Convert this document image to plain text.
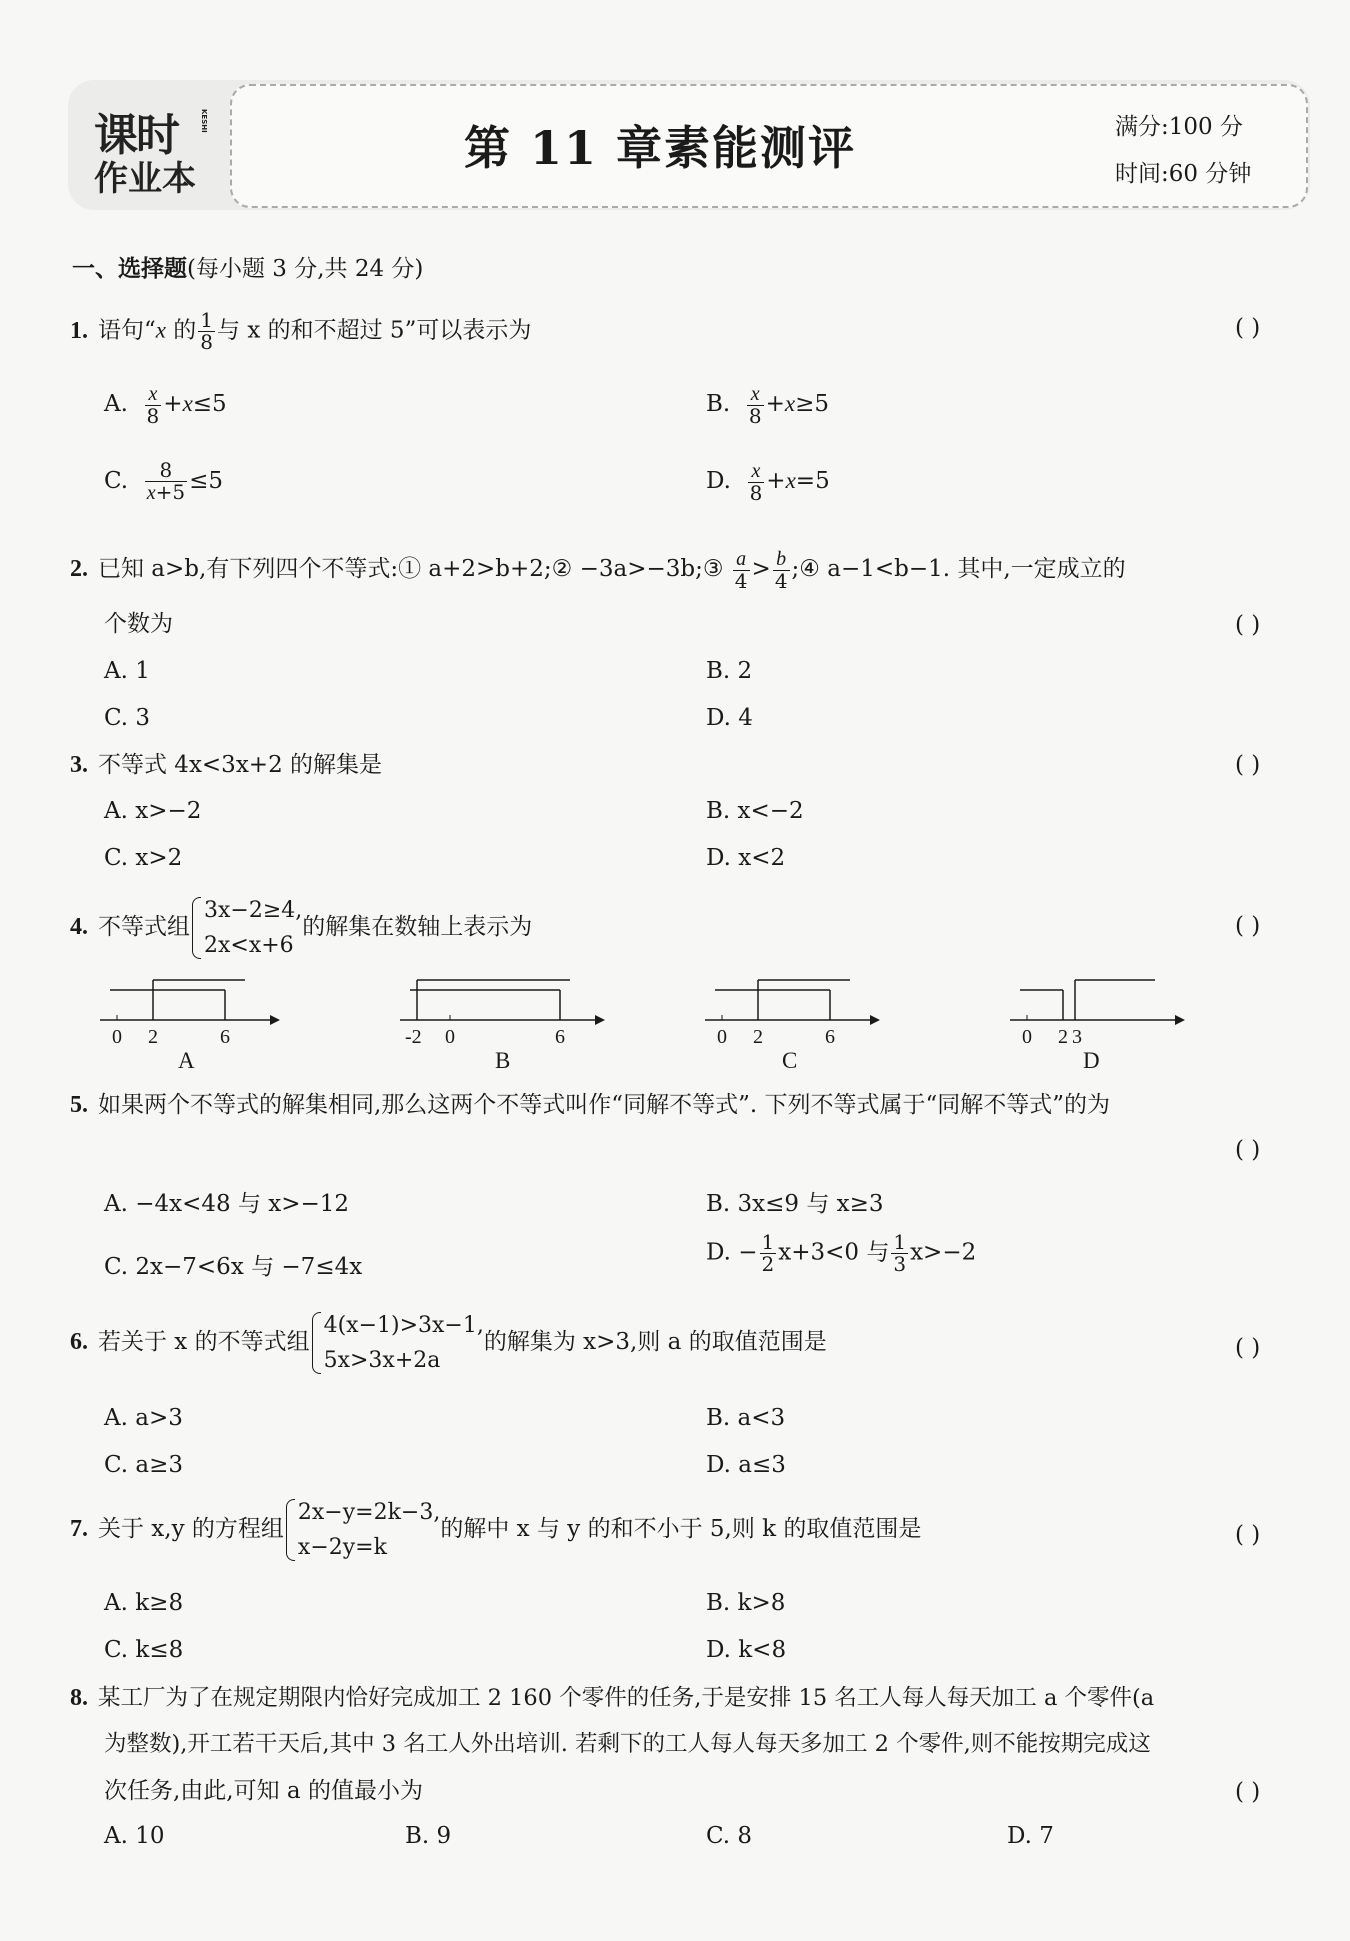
课时
作业本
KESHI
第 11 章素能测评	满分:100 分
时间:60 分钟
一、选择题(每小题 3 分,共 24 分)
1. 语句“x 的 $\frac{1}{8}$ 与 x 的和不超过 5”可以表示为	( )
A. $\frac{x}{8} +x\le 5$	B. $\frac{x}{8} +x\ge 5$
C. $\frac{8}{x+5} \le 5$	D. $\frac{x}{8} +x=5$
2. 已知 a>b,有下列四个不等式:① a+2>b+2;② −3a>−3b;③ $\frac{a}{4} > \frac{b}{4}$ ;④ a−1<b−1. 其中,一定成立的
个数为	( )
A. 1	B. 2
C. 3	D. 4
3. 不等式 4x<3x+2 的解集是	( )
A. x>−2	B. x<−2
C. x>2	D. x<2
4. 不等式组
3x−2≥4,
2x<x+6
的解集在数轴上表示为	( )
0 2	6
A
-2 0	6
B
0 2	6
C
0 2 3
D
5. 如果两个不等式的解集相同,那么这两个不等式叫作“同解不等式”. 下列不等式属于“同解不等式”的为
( )
A. −4x<48 与 x>−12	B. 3x≤9 与 x≥3
C. 2x−7<6x 与 −7≤4x
D. − $\frac{1}{2} x+3<0$ 与 $\frac{1}{3} x>-2$
6. 若关于 x 的不等式组
4(x−1)>3x−1,
5x>3x+2a
的解集为 x>3,则 a 的取值范围是	( )
A. a>3	B. a<3
C. a≥3	D. a≤3
7. 关于 x,y 的方程组
2x−y=2k−3,
x−2y=k
的解中 x 与 y 的和不小于 5,则 k 的取值范围是	( )
A. k≥8	B. k>8
C. k≤8	D. k<8
8. 某工厂为了在规定期限内恰好完成加工 2 160 个零件的任务,于是安排 15 名工人每人每天加工 a 个零件(a
为整数),开工若干天后,其中 3 名工人外出培训. 若剩下的工人每人每天多加工 2 个零件,则不能按期完成这
次任务,由此,可知 a 的值最小为	( )
A. 10	B. 9	C. 8	D. 7
